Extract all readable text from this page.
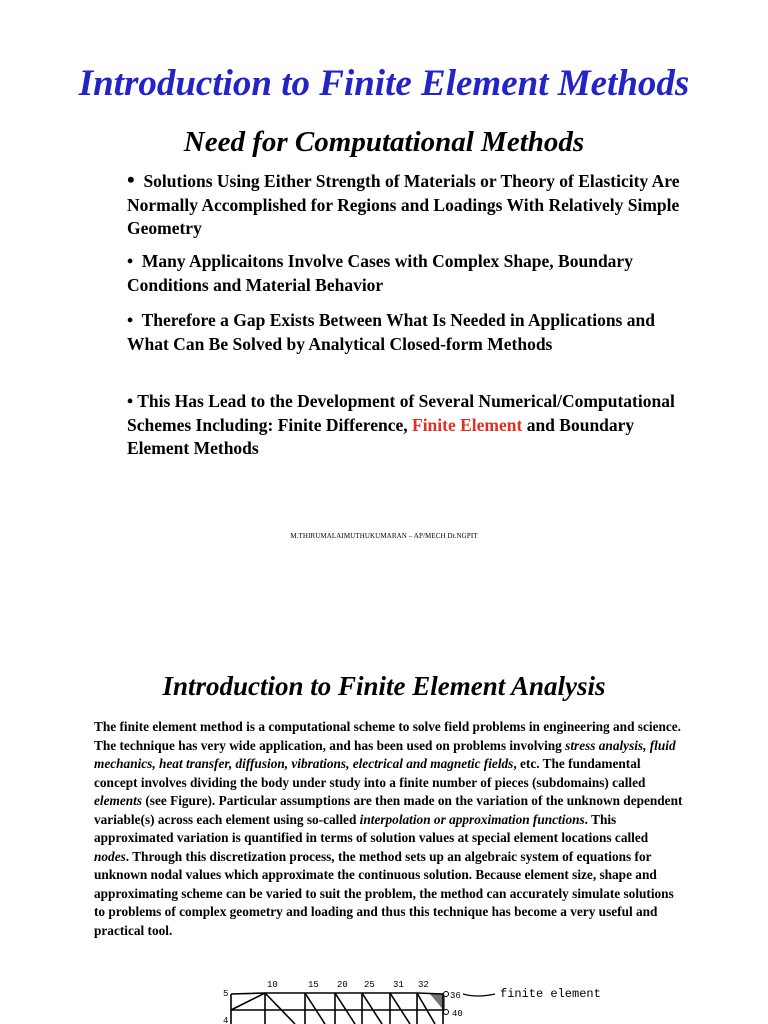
Introduction to Finite Element Methods
Need for Computational Methods
• Solutions Using Either Strength of Materials or Theory of Elasticity Are Normally Accomplished for Regions and Loadings With Relatively Simple Geometry
• Many Applicaitons Involve Cases with Complex Shape, Boundary Conditions and Material Behavior
• Therefore a Gap Exists Between What Is Needed in Applications and What Can Be Solved by Analytical Closed-form Methods
• This Has Lead to the Development of Several Numerical/Computational Schemes Including: Finite Difference, Finite Element and Boundary Element Methods
M.THIRUMALAIMUTHUKUMARAN – AP/MECH Dr.NGPIT
Introduction to Finite Element Analysis
The finite element method is a computational scheme to solve field problems in engineering and science. The technique has very wide application, and has been used on problems involving stress analysis, fluid mechanics, heat transfer, diffusion, vibrations, electrical and magnetic fields, etc. The fundamental concept involves dividing the body under study into a finite number of pieces (subdomains) called elements (see Figure). Particular assumptions are then made on the variation of the unknown dependent variable(s) across each element using so-called interpolation or approximation functions. This approximated variation is quantified in terms of solution values at special element locations called nodes. Through this discretization process, the method sets up an algebraic system of equations for unknown nodal values which approximate the continuous solution. Because element size, shape and approximating scheme can be varied to suit the problem, the method can accurately simulate solutions to problems of complex geometry and loading and thus this technique has become a very useful and practical tool.
5
10	15 20 25 31 32
36
4
40
finite element
